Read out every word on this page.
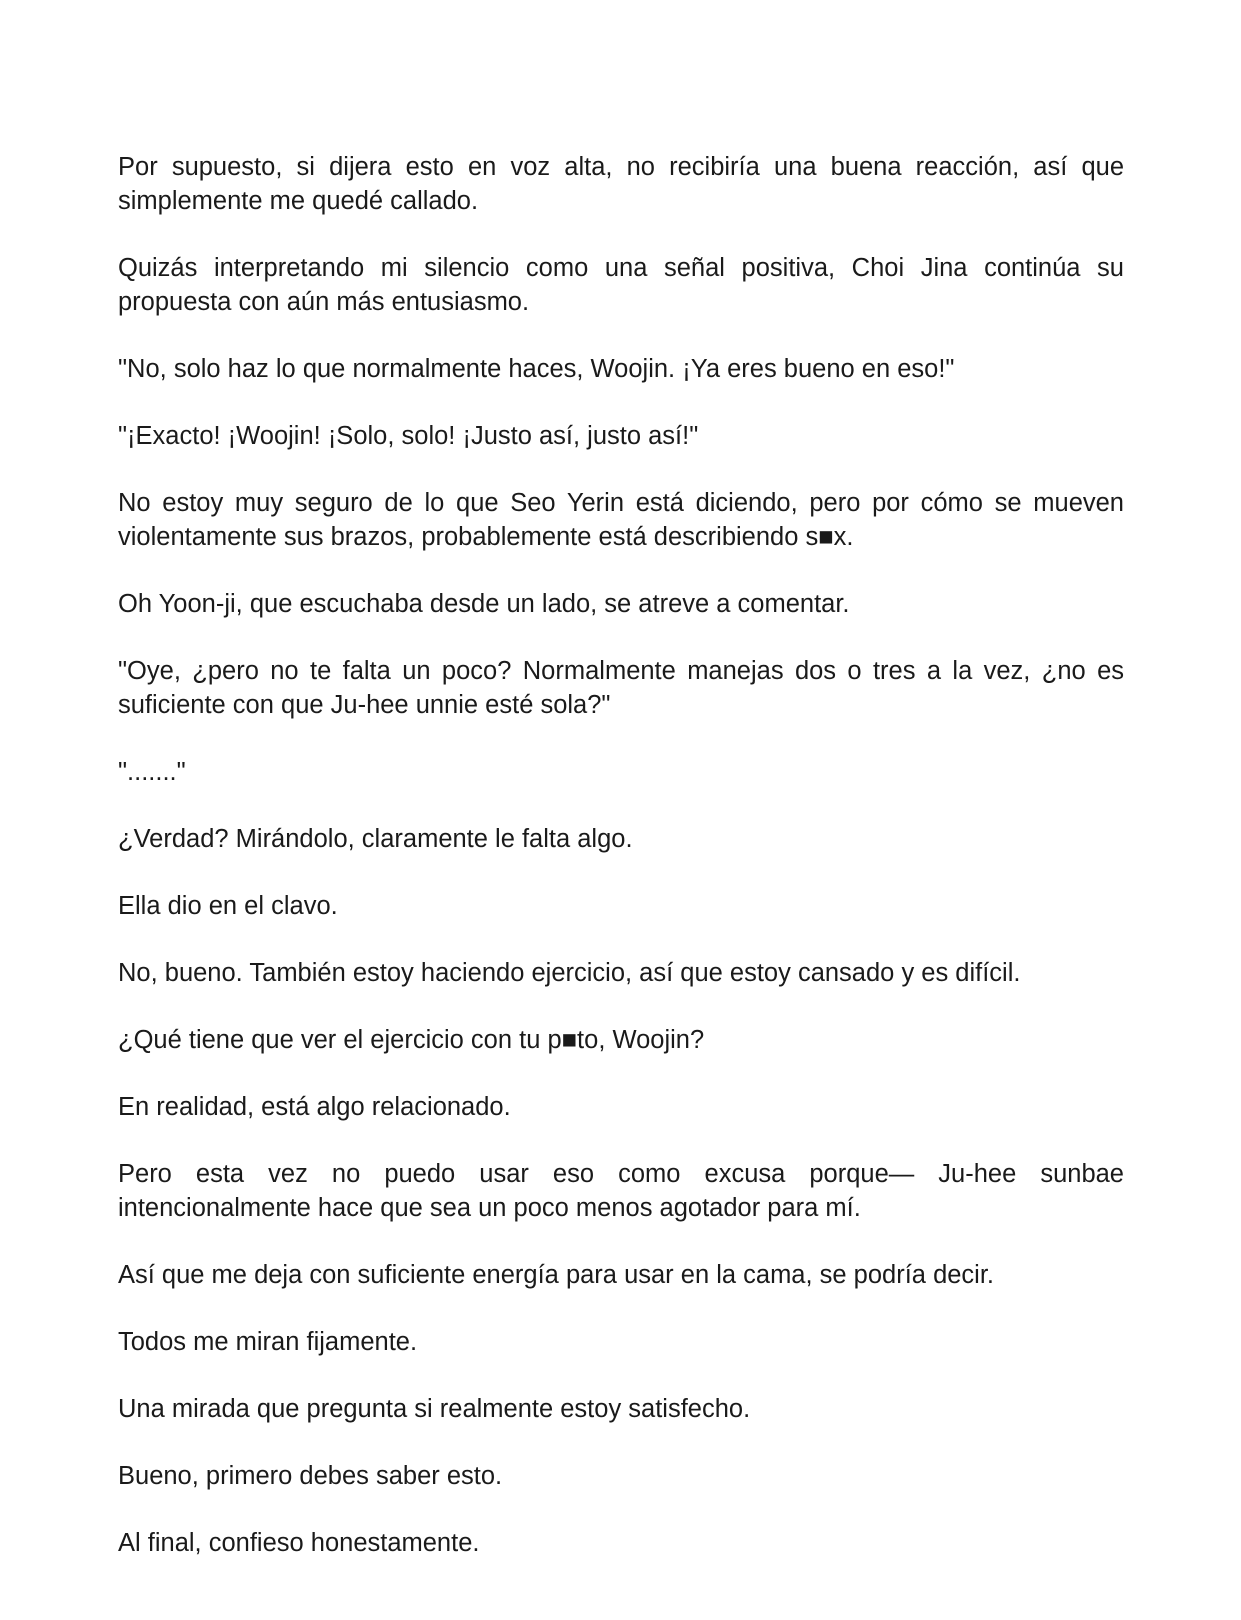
Por supuesto, si dijera esto en voz alta, no recibiría una buena reacción, así que simplemente me quedé callado.

Quizás interpretando mi silencio como una señal positiva, Choi Jina continúa su propuesta con aún más entusiasmo.

"No, solo haz lo que normalmente haces, Woojin. ¡Ya eres bueno en eso!"

"¡Exacto! ¡Woojin! ¡Solo, solo! ¡Justo así, justo así!"

No estoy muy seguro de lo que Seo Yerin está diciendo, pero por cómo se mueven violentamente sus brazos, probablemente está describiendo s■x.

Oh Yoon-ji, que escuchaba desde un lado, se atreve a comentar.

"Oye, ¿pero no te falta un poco? Normalmente manejas dos o tres a la vez, ¿no es suficiente con que Ju-hee unnie esté sola?"

"......."

¿Verdad? Mirándolo, claramente le falta algo.

Ella dio en el clavo.

No, bueno. También estoy haciendo ejercicio, así que estoy cansado y es difícil.

¿Qué tiene que ver el ejercicio con tu p■to, Woojin?

En realidad, está algo relacionado.

Pero esta vez no puedo usar eso como excusa porque— Ju-hee sunbae intencionalmente hace que sea un poco menos agotador para mí.

Así que me deja con suficiente energía para usar en la cama, se podría decir.

Todos me miran fijamente.

Una mirada que pregunta si realmente estoy satisfecho.

Bueno, primero debes saber esto.

Al final, confieso honestamente.
